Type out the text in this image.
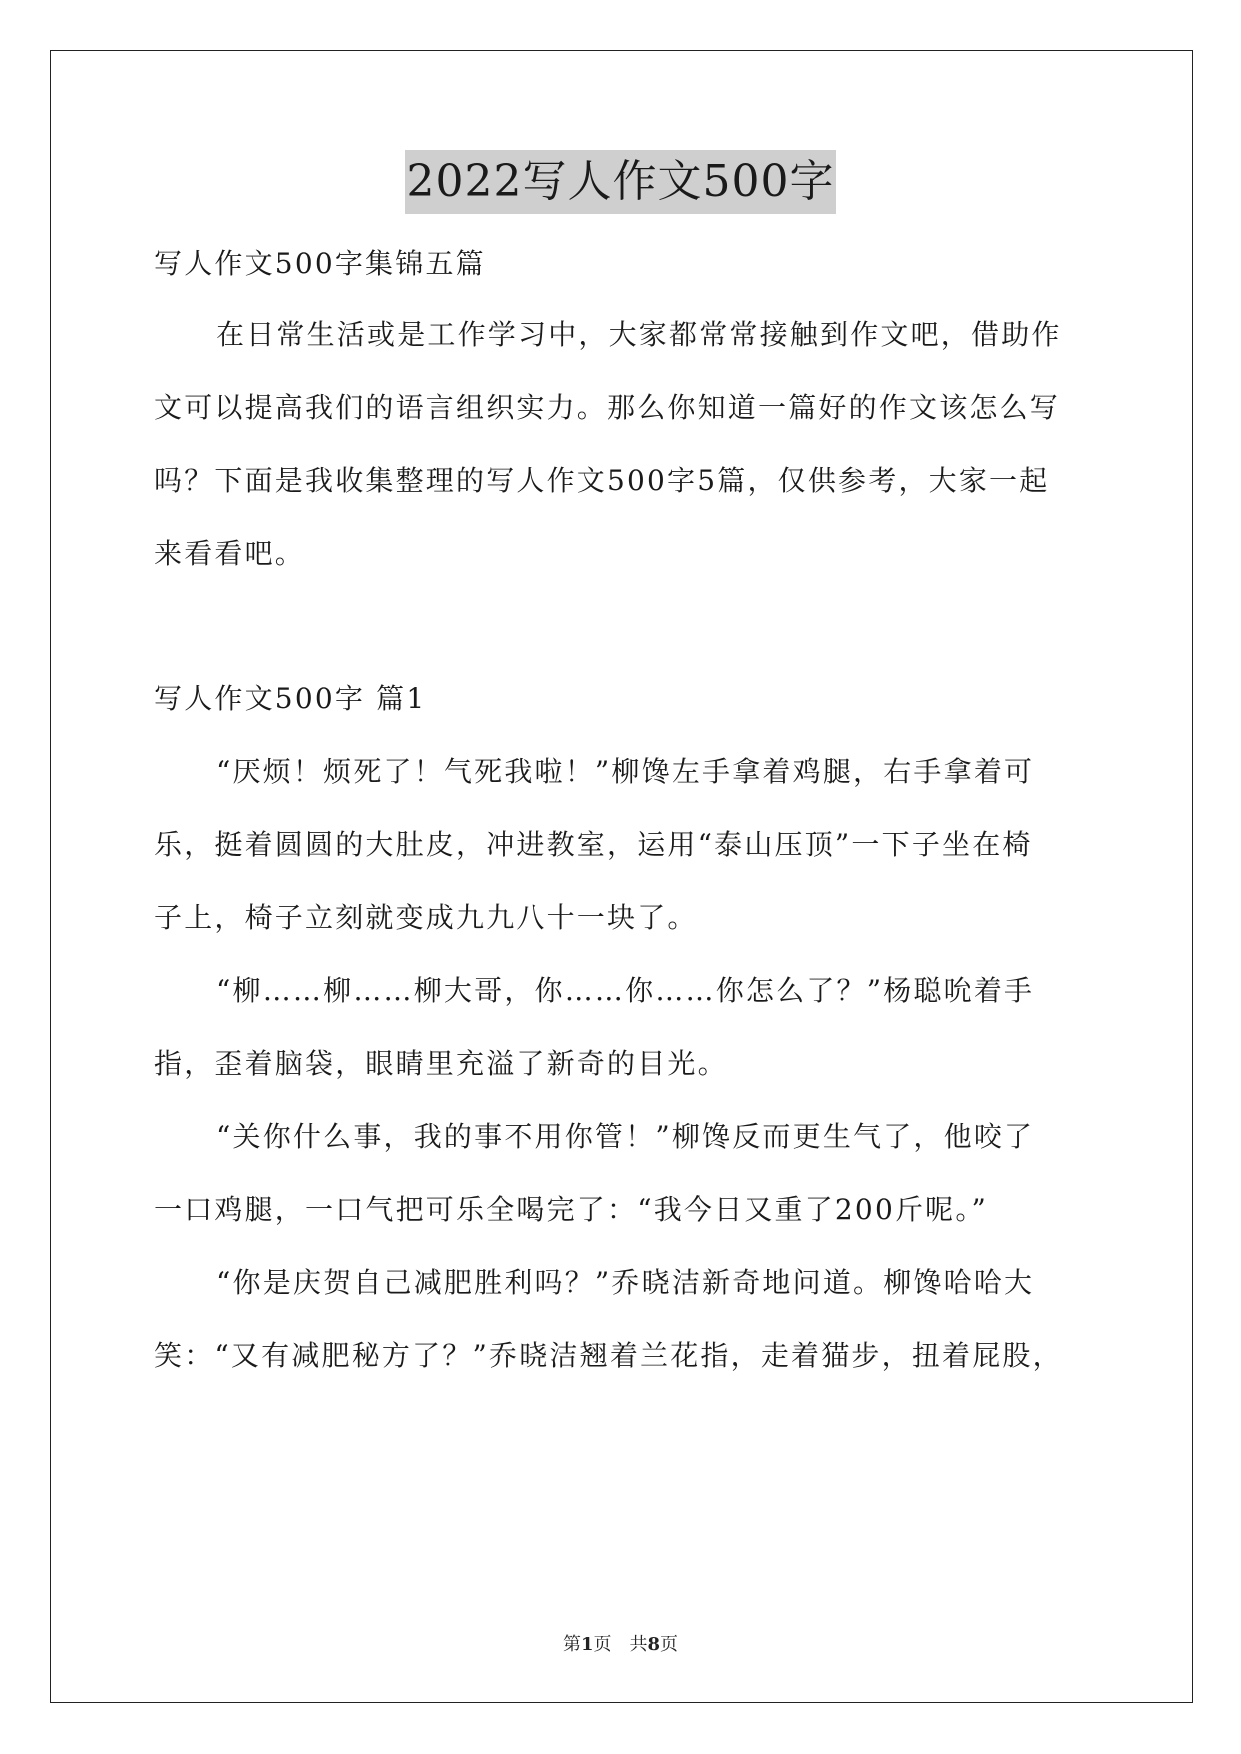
2022写人作文500字

写人作文500字集锦五篇

在日常生活或是工作学习中，大家都常常接触到作文吧，借助作

文可以提高我们的语言组织实力。那么你知道一篇好的作文该怎么写

吗？下面是我收集整理的写人作文500字5篇，仅供参考，大家一起

来看看吧。

写人作文500字 篇1

“厌烦！烦死了！气死我啦！”柳馋左手拿着鸡腿，右手拿着可

乐，挺着圆圆的大肚皮，冲进教室，运用“泰山压顶”一下子坐在椅

子上，椅子立刻就变成九九八十一块了。

“柳……柳……柳大哥，你……你……你怎么了？”杨聪吮着手

指，歪着脑袋，眼睛里充溢了新奇的目光。

“关你什么事，我的事不用你管！”柳馋反而更生气了，他咬了

一口鸡腿，一口气把可乐全喝完了：“我今日又重了200斤呢。”

“你是庆贺自己减肥胜利吗？”乔晓洁新奇地问道。柳馋哈哈大

笑：“又有减肥秘方了？”乔晓洁翘着兰花指，走着猫步，扭着屁股，

第1页　共8页
